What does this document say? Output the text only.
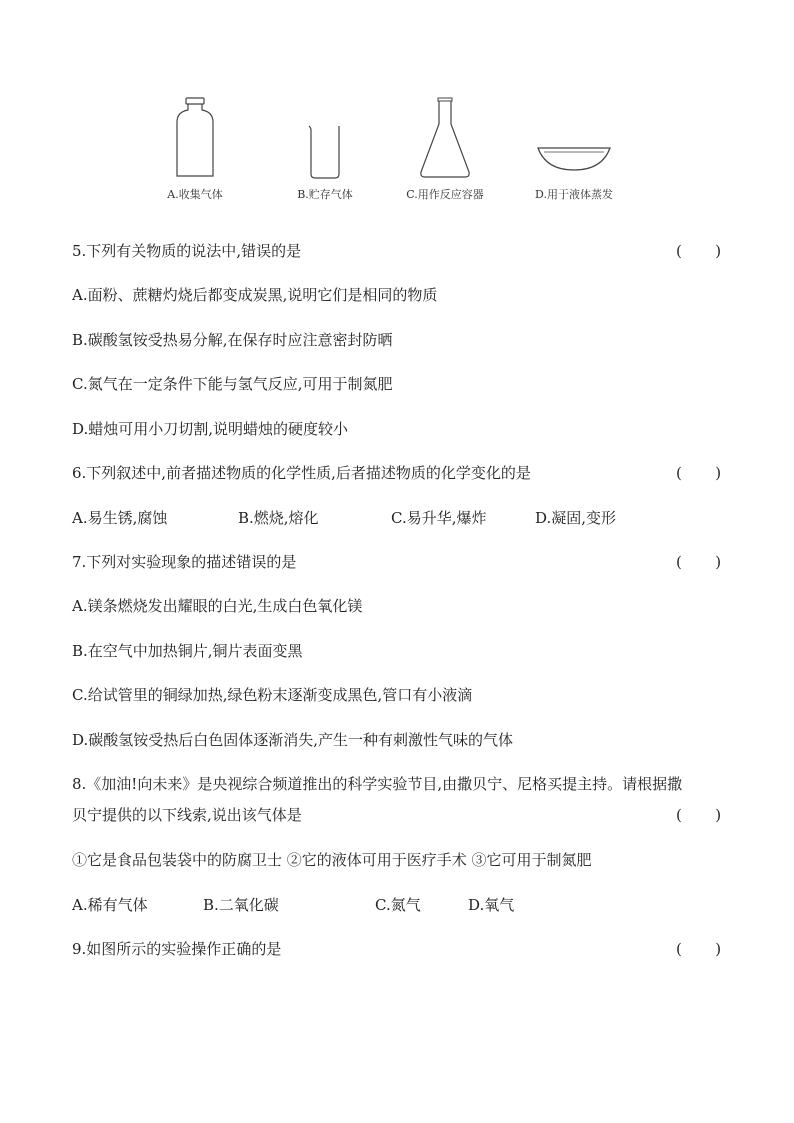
A.收集气体	B.贮存气体	C.用作反应容器	D.用于液体蒸发
5.下列有关物质的说法中,错误的是	(       )
A.面粉、蔗糖灼烧后都变成炭黑,说明它们是相同的物质
B.碳酸氢铵受热易分解,在保存时应注意密封防晒
C.氮气在一定条件下能与氢气反应,可用于制氮肥
D.蜡烛可用小刀切割,说明蜡烛的硬度较小
6.下列叙述中,前者描述物质的化学性质,后者描述物质的化学变化的是	(       )
A.易生锈,腐蚀	B.燃烧,熔化	C.易升华,爆炸	D.凝固,变形
7.下列对实验现象的描述错误的是	(       )
A.镁条燃烧发出耀眼的白光,生成白色氧化镁
B.在空气中加热铜片,铜片表面变黑
C.给试管里的铜绿加热,绿色粉末逐渐变成黑色,管口有小液滴
D.碳酸氢铵受热后白色固体逐渐消失,产生一种有刺激性气味的气体
8.《加油!向未来》是央视综合频道推出的科学实验节目,由撒贝宁、尼格买提主持。请根据撒
贝宁提供的以下线索,说出该气体是	(       )
①它是食品包装袋中的防腐卫士 ②它的液体可用于医疗手术 ③它可用于制氮肥
A.稀有气体	B.二氧化碳	C.氮气	D.氧气
9.如图所示的实验操作正确的是	(       )
